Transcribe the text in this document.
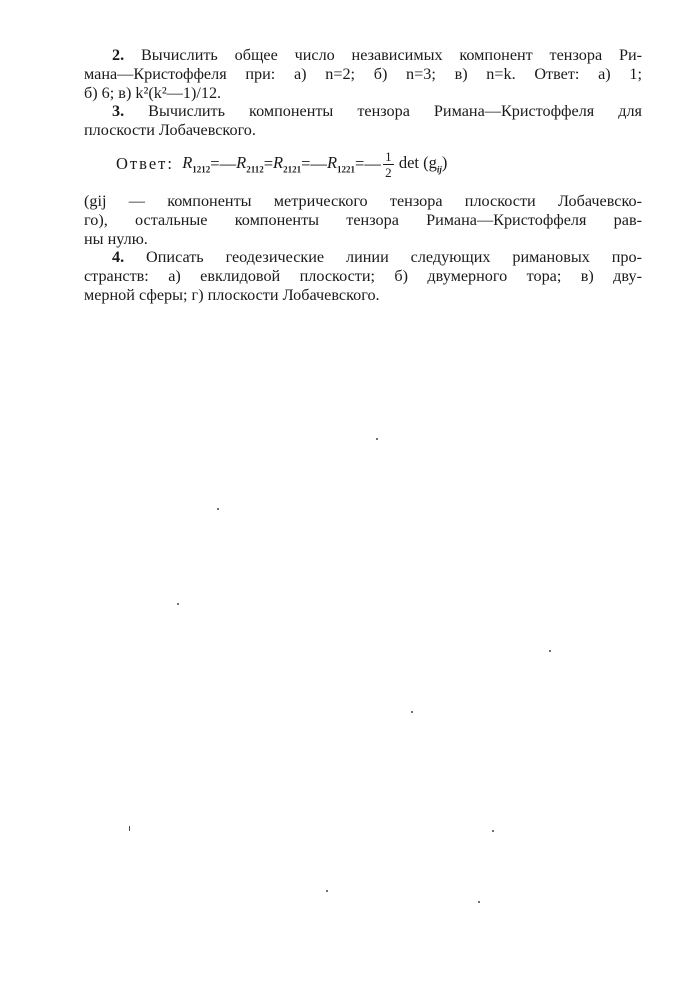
2. Вычислить общее число независимых компонент тензора Ри-
мана—Кристоффеля при: а) n=2; б) n=3; в) n=k. Ответ: а) 1;
б) 6; в) k²(k²—1)/12.
3. Вычислить компоненты тензора Римана—Кристоффеля для
плоскости Лобачевского.
Ответ:
$R_{1212}$ =— $R_{2112} = R_{2121}$ =— $R_{1221}$ =— $\frac{1}{2}$ $\det (g_{ij})$
(gij — компоненты метрического тензора плоскости Лобачевско-
го), остальные компоненты тензора Римана—Кристоффеля рав-
ны нулю.
4. Описать геодезические линии следующих римановых про-
странств: а) евклидовой плоскости; б) двумерного тора; в) дву-
мерной сферы; г) плоскости Лобачевского.
